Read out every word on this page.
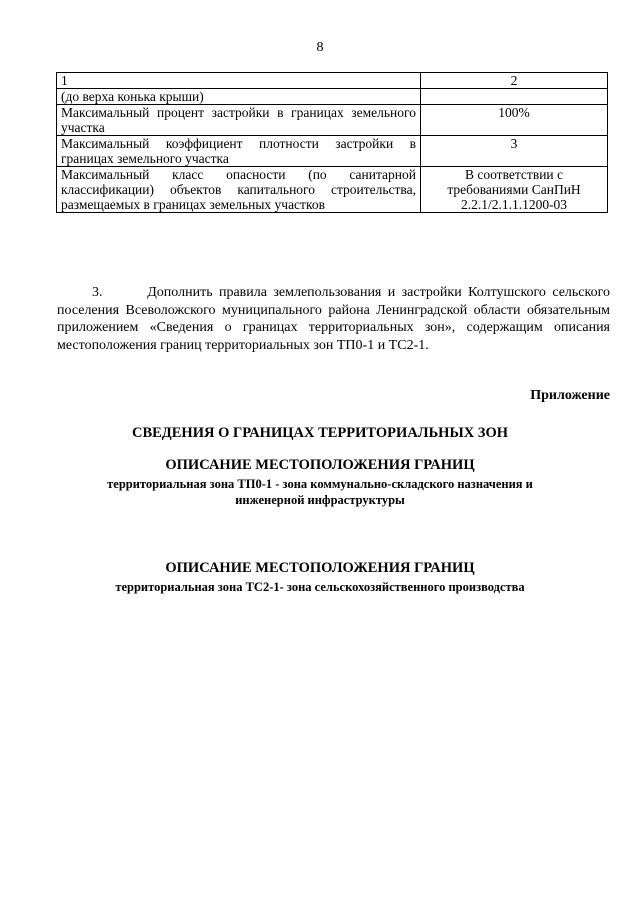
8
1	2
(до верха конька крыши)	
Максимальный процент застройки в границах земельного участка	100%
Максимальный коэффициент плотности застройки в границах земельного участка	3
Максимальный класс опасности (по санитарной классификации) объектов капитального строительства, размещаемых в границах земельных участков	В соответствии с требованиями СанПиН 2.2.1/2.1.1.1200-03
3.       Дополнить правила землепользования и застройки Колтушского сельского поселения Всеволожского муниципального района Ленинградской области обязательным приложением «Сведения о границах территориальных зон», содержащим описания местоположения границ территориальных зон ТП0-1 и ТС2-1.
Приложение
СВЕДЕНИЯ О ГРАНИЦАХ ТЕРРИТОРИАЛЬНЫХ ЗОН
ОПИСАНИЕ МЕСТОПОЛОЖЕНИЯ ГРАНИЦ
территориальная зона ТП0-1 - зона коммунально-складского назначения и инженерной инфраструктуры
ОПИСАНИЕ МЕСТОПОЛОЖЕНИЯ ГРАНИЦ
территориальная зона ТС2-1- зона сельскохозяйственного производства
